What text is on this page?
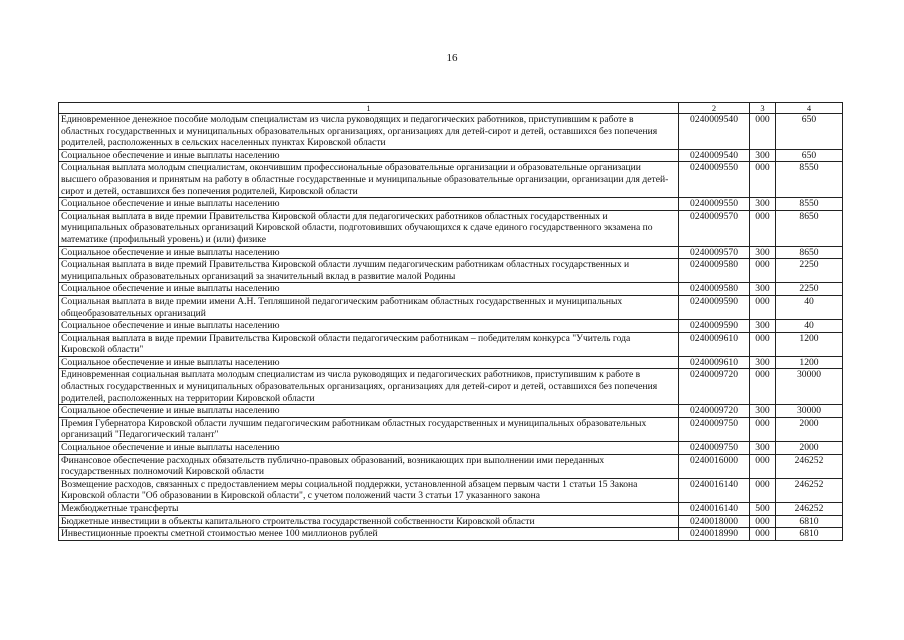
16
1	2	3	4
Единовременное денежное пособие молодым специалистам из числа руководящих и педагогических работников, приступившим к работе в областных государственных и муниципальных образовательных организациях, организациях для детей-сирот и детей, оставшихся без попечения родителей, расположенных в сельских населенных пунктах Кировской области	0240009540	000	650
Социальное обеспечение и иные выплаты населению	0240009540	300	650
Социальная выплата молодым специалистам, окончившим профессиональные образовательные организации и образовательные организации высшего образования и принятым на работу в областные государственные и муниципальные образовательные организации, организации для детей-сирот и детей, оставшихся без попечения родителей, Кировской области	0240009550	000	8550
Социальное обеспечение и иные выплаты населению	0240009550	300	8550
Социальная выплата в виде премии Правительства Кировской области для педагогических работников областных государственных и муниципальных образовательных организаций Кировской области, подготовивших обучающихся к сдаче единого государственного экзамена по математике (профильный уровень) и (или) физике	0240009570	000	8650
Социальное обеспечение и иные выплаты населению	0240009570	300	8650
Социальная выплата в виде премий Правительства Кировской области лучшим педагогическим работникам областных государственных и муниципальных образовательных организаций за значительный вклад в развитие малой Родины	0240009580	000	2250
Социальное обеспечение и иные выплаты населению	0240009580	300	2250
Социальная выплата в виде премии имени А.Н. Тепляшиной педагогическим работникам областных государственных и муниципальных общеобразовательных организаций	0240009590	000	40
Социальное обеспечение и иные выплаты населению	0240009590	300	40
Социальная выплата в виде премии Правительства Кировской области педагогическим работникам – победителям конкурса "Учитель года Кировской области"	0240009610	000	1200
Социальное обеспечение и иные выплаты населению	0240009610	300	1200
Единовременная социальная выплата молодым специалистам из числа руководящих и педагогических работников, приступившим к работе в областных государственных и муниципальных образовательных организациях, организациях для детей-сирот и детей, оставшихся без попечения родителей, расположенных на территории Кировской области	0240009720	000	30000
Социальное обеспечение и иные выплаты населению	0240009720	300	30000
Премия Губернатора Кировской области лучшим педагогическим работникам областных государственных и муниципальных образовательных организаций "Педагогический талант"	0240009750	000	2000
Социальное обеспечение и иные выплаты населению	0240009750	300	2000
Финансовое обеспечение расходных обязательств публично-правовых образований, возникающих при выполнении ими переданных государственных полномочий Кировской области	0240016000	000	246252
Возмещение расходов, связанных с предоставлением меры социальной поддержки, установленной абзацем первым части 1 статьи 15 Закона Кировской области "Об образовании в Кировской области", с учетом положений части 3 статьи 17 указанного закона	0240016140	000	246252
Межбюджетные трансферты	0240016140	500	246252
Бюджетные инвестиции в объекты капитального строительства государственной собственности Кировской области	0240018000	000	6810
Инвестиционные проекты сметной стоимостью менее 100 миллионов рублей	0240018990	000	6810
